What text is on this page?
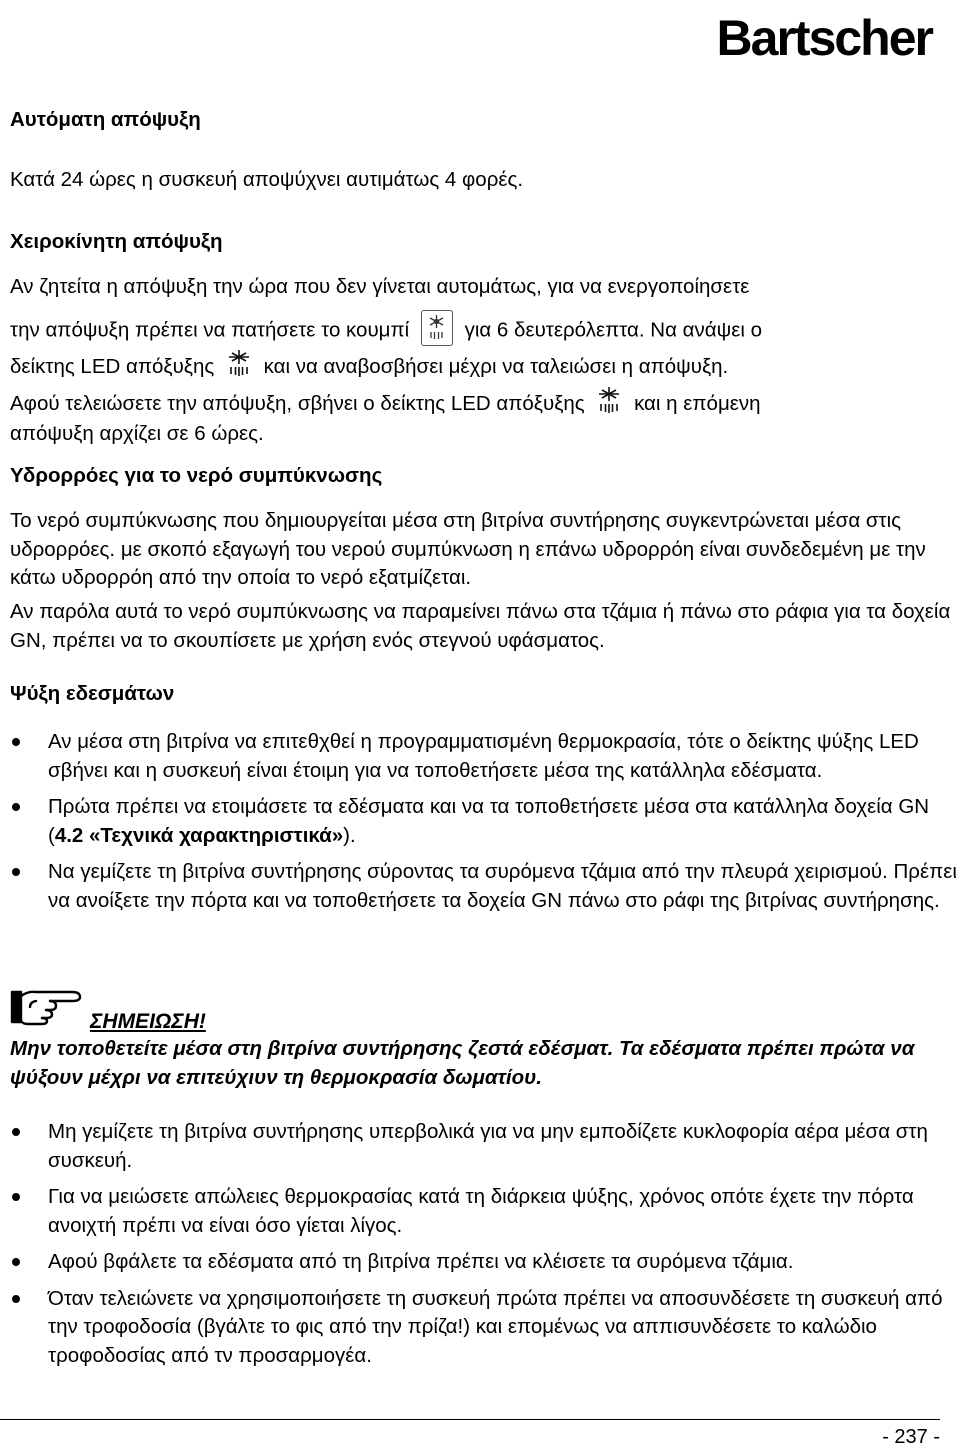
Bartscher
Αυτόματη απόψυξη
Κατά 24 ώρες η συσκευή αποψύχνει αυτιμάτως 4 φορές.
Χειροκίνητη απόψυξη
Αν ζητείτα η απόψυξη την ώρα που δεν γίνεται αυτομάτως, για να ενεργοποίησετε
την απόψυξη πρέπει να πατήσετε το κουμπί	για 6 δευτερόλεπτα. Να ανάψει ο
δείκτης LED απόξυξης και να αναβοσβήσει μέχρι να ταλειώσει η απόψυξη.
Αφού τελειώσετε την απόψυξη, σβήνει ο δείκτης LED απόξυξης και η επόμενη
απόψυξη αρχίζει σε 6 ώρες.
Υδρορρόες για το νερό συμπύκνωσης
Το νερό συμπύκνωσης που δημιουργείται μέσα στη βιτρίνα συντήρησης συγκεντρώνεται μέσα στις υδρορρόες. με σκοπό εξαγωγή του νερού συμπύκνωση η επάνω υδρορρόη είναι συνδεδεμένη με την κάτω υδρορρόη από την οποία το νερό εξατμίζεται.
Αν παρόλα αυτά το νερό συμπύκνωσης να παραμείνει πάνω στα τζάμια ή πάνω στο ράφια για τα δοχεία GN, πρέπει να το σκουπίσετε με χρήση ενός στεγνού υφάσματος.
Ψύξη εδεσμάτων
Αν μέσα στη βιτρίνα να επιτεθχθεί η προγραμματισμένη θερμοκρασία, τότε ο δείκτης ψύξης LED σβήνει και η συσκευή είναι έτοιμη για να τοποθετήσετε μέσα της κατάλληλα εδέσματα.
Πρώτα πρέπει να ετοιμάσετε τα εδέσματα και να τα τοποθετήσετε μέσα στα κατάλληλα δοχεία GN (4.2 «Τεχνικά χαρακτηριστικά»).
Να γεμίζετε τη βιτρίνα συντήρησης σύροντας τα συρόμενα τζάμια από την πλευρά χειρισμού. Πρέπει να ανοίξετε την πόρτα και να τοποθετήσετε τα δοχεία GN πάνω στο ράφι της βιτρίνας συντήρησης.
ΣΗΜΕΙΩΣΗ!
Μην τοποθετείτε μέσα στη βιτρίνα συντήρησης ζεστά εδέσματ. Τα εδέσματα πρέπει πρώτα να ψύξουν μέχρι να επιτεύχιυν τη θερμοκρασία δωματίου.
Μη γεμίζετε τη βιτρίνα συντήρησης υπερβολικά για να μην εμποδίζετε κυκλοφορία αέρα μέσα στη συσκευή.
Για να μειώσετε απώλειες θερμοκρασίας κατά τη διάρκεια ψύξης, χρόνος οπότε έχετε την πόρτα ανοιχτή πρέπι να είναι όσο γίεται λίγος.
Αφού βφάλετε τα εδέσματα από τη βιτρίνα πρέπει να κλέισετε τα συρόμενα τζάμια.
Όταν τελειώνετε να χρησιμοποιήσετε τη συσκευή πρώτα πρέπει να αποσυνδέσετε τη συσκευή από την τροφοδοσία (βγάλτε το φις από την πρίζα!) και επομένως να αππισυνδέσετε το καλώδιο τροφοδοσίας από τν προσαρμογέα.
- 237 -
